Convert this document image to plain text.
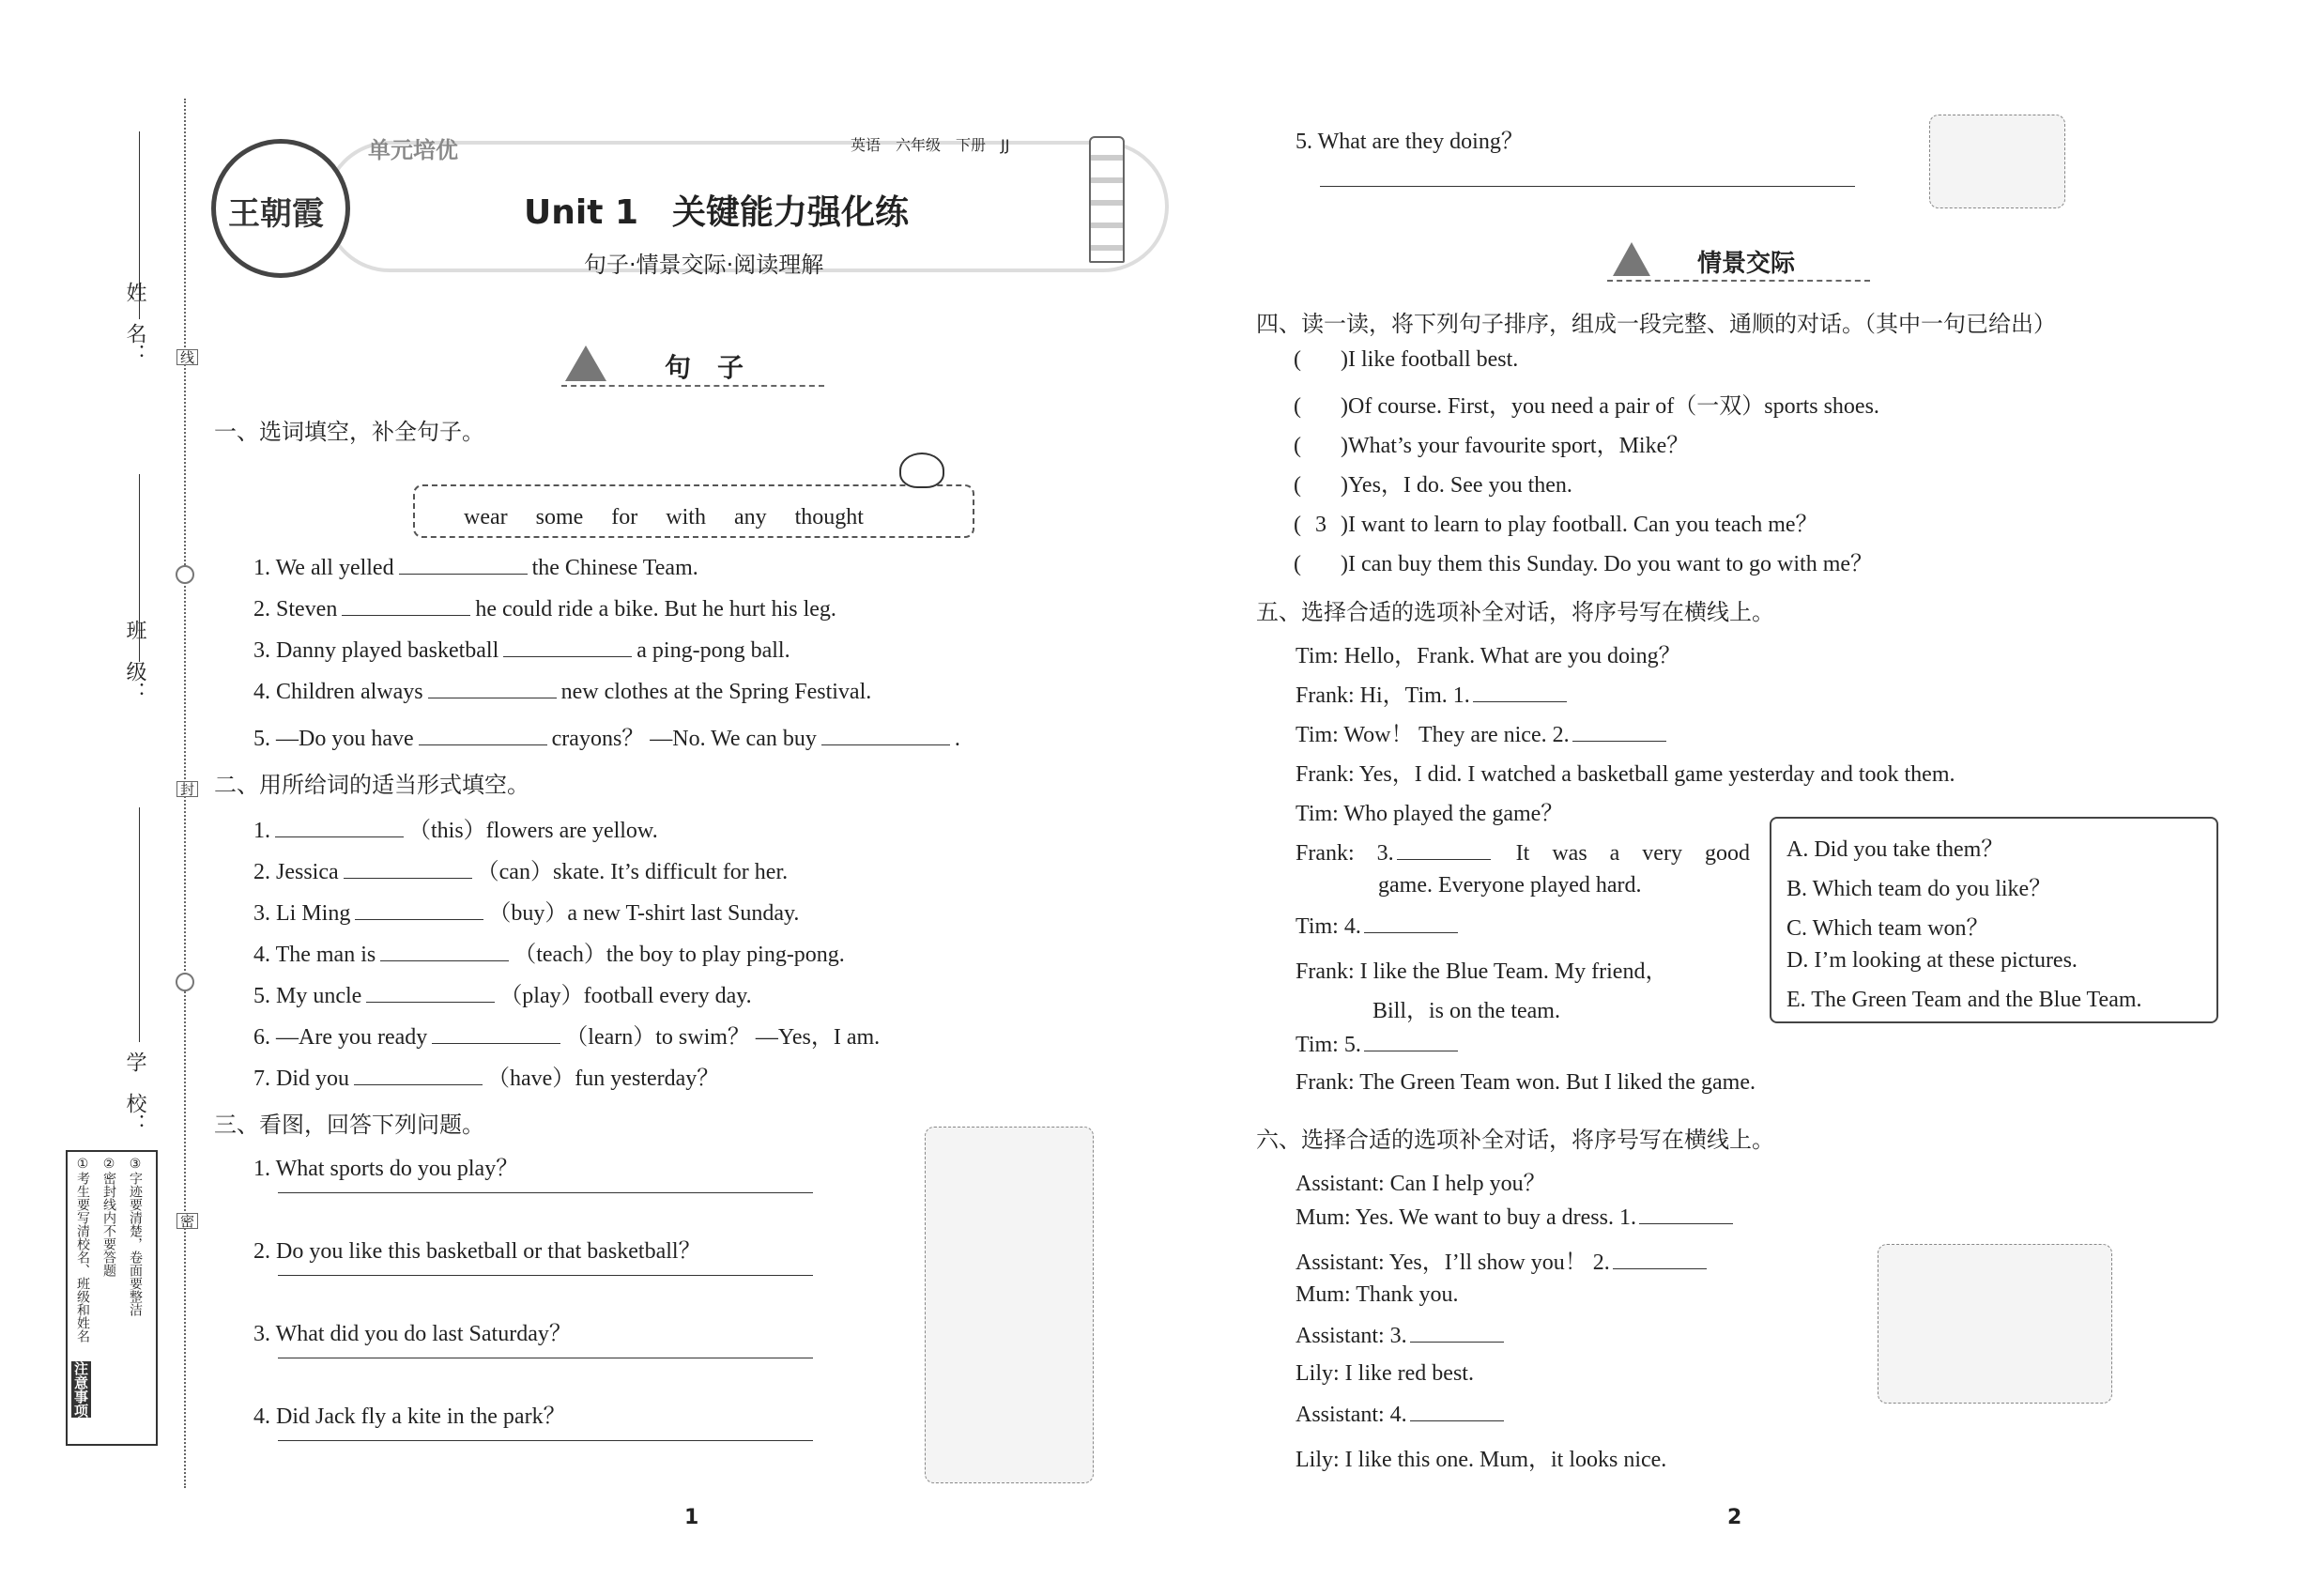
姓　名：
班　级：
学　校：
线
封
密
注意事项
①考生要写清校名、班级和姓名 ②密封线内不要答题 ③字迹要清楚，卷面要整洁
王朝霞
单元培优	英语　六年级　下册　JJ
Unit 1　关键能力强化练
句子·情景交际·阅读理解
句　子
一、选词填空，补全句子。
wear　 some　 for　 with　 any　 thought
1. We all yelled	the Chinese Team.
2. Steven	he could ride a bike. But he hurt his leg.
3. Danny played basketball	a ping-pong ball.
4. Children always	new clothes at the Spring Festival.
5. —Do you have	crayons？ —No. We can buy	.
二、用所给词的适当形式填空。
1.	（this）flowers are yellow.
2. Jessica	（can）skate. It’s difficult for her.
3. Li Ming	（buy）a new T-shirt last Sunday.
4. The man is	（teach）the boy to play ping-pong.
5. My uncle	（play）football every day.
6. —Are you ready	（learn）to swim？ —Yes，I am.
7. Did you	（have）fun yesterday？
三、看图，回答下列问题。
1. What sports do you play？
2. Do you like this basketball or that basketball？
3. What did you do last Saturday？
4. Did Jack fly a kite in the park？
1
5. What are they doing？
情景交际
四、读一读，将下列句子排序，组成一段完整、通顺的对话。（其中一句已给出）
( )I like football best.
( )Of course. First，you need a pair of（一双）sports shoes.
( )What’s your favourite sport，Mike？
( )Yes，I do. See you then.
( 3 )I want to learn to play football. Can you teach me？
( )I can buy them this Sunday. Do you want to go with me？
五、选择合适的选项补全对话，将序号写在横线上。
Tim: Hello，Frank. What are you doing？
Frank: Hi，Tim. 1.
Tim: Wow！ They are nice. 2.
Frank: Yes，I did. I watched a basketball game yesterday and took them.
Tim: Who played the game？
Frank:　3.　	It　was　a　very　good
game. Everyone played hard.
Tim: 4.
Frank: I like the Blue Team. My friend，
Bill，is on the team.
Tim: 5.
Frank: The Green Team won. But I liked the game.
A. Did you take them？
B. Which team do you like？
C. Which team won？
D. I’m looking at these pictures.
E. The Green Team and the Blue Team.
六、选择合适的选项补全对话，将序号写在横线上。
Assistant: Can I help you？
Mum: Yes. We want to buy a dress. 1.
Assistant: Yes，I’ll show you！ 2.
Mum: Thank you.
Assistant: 3.
Lily: I like red best.
Assistant: 4.
Lily: I like this one. Mum，it looks nice.
2
